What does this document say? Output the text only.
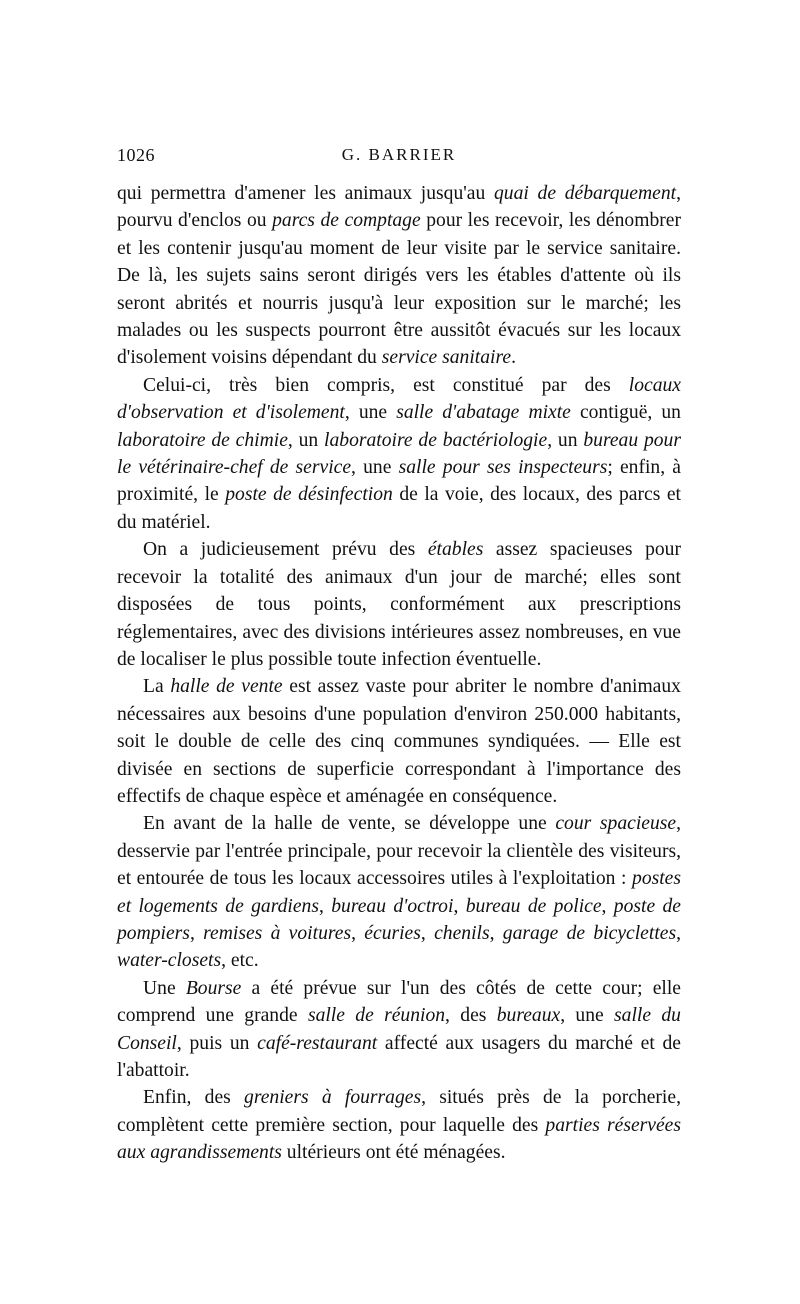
1026	G. BARRIER

qui permettra d'amener les animaux jusqu'au quai de débarquement, pourvu d'enclos ou parcs de comptage pour les recevoir, les dénombrer et les contenir jusqu'au moment de leur visite par le service sanitaire. De là, les sujets sains seront dirigés vers les étables d'attente où ils seront abrités et nourris jusqu'à leur exposition sur le marché; les malades ou les suspects pourront être aussitôt évacués sur les locaux d'isolement voisins dépendant du service sanitaire.

Celui-ci, très bien compris, est constitué par des locaux d'observation et d'isolement, une salle d'abatage mixte contiguë, un laboratoire de chimie, un laboratoire de bactériologie, un bureau pour le vétérinaire-chef de service, une salle pour ses inspecteurs; enfin, à proximité, le poste de désinfection de la voie, des locaux, des parcs et du matériel.

On a judicieusement prévu des étables assez spacieuses pour recevoir la totalité des animaux d'un jour de marché; elles sont disposées de tous points, conformément aux prescriptions réglementaires, avec des divisions intérieures assez nombreuses, en vue de localiser le plus possible toute infection éventuelle.

La halle de vente est assez vaste pour abriter le nombre d'animaux nécessaires aux besoins d'une population d'environ 250.000 habitants, soit le double de celle des cinq communes syndiquées. — Elle est divisée en sections de superficie correspondant à l'importance des effectifs de chaque espèce et aménagée en conséquence.

En avant de la halle de vente, se développe une cour spacieuse, desservie par l'entrée principale, pour recevoir la clientèle des visiteurs, et entourée de tous les locaux accessoires utiles à l'exploitation : postes et logements de gardiens, bureau d'octroi, bureau de police, poste de pompiers, remises à voitures, écuries, chenils, garage de bicyclettes, water-closets, etc.

Une Bourse a été prévue sur l'un des côtés de cette cour; elle comprend une grande salle de réunion, des bureaux, une salle du Conseil, puis un café-restaurant affecté aux usagers du marché et de l'abattoir.

Enfin, des greniers à fourrages, situés près de la porcherie, complètent cette première section, pour laquelle des parties réservées aux agrandissements ultérieurs ont été ménagées.
